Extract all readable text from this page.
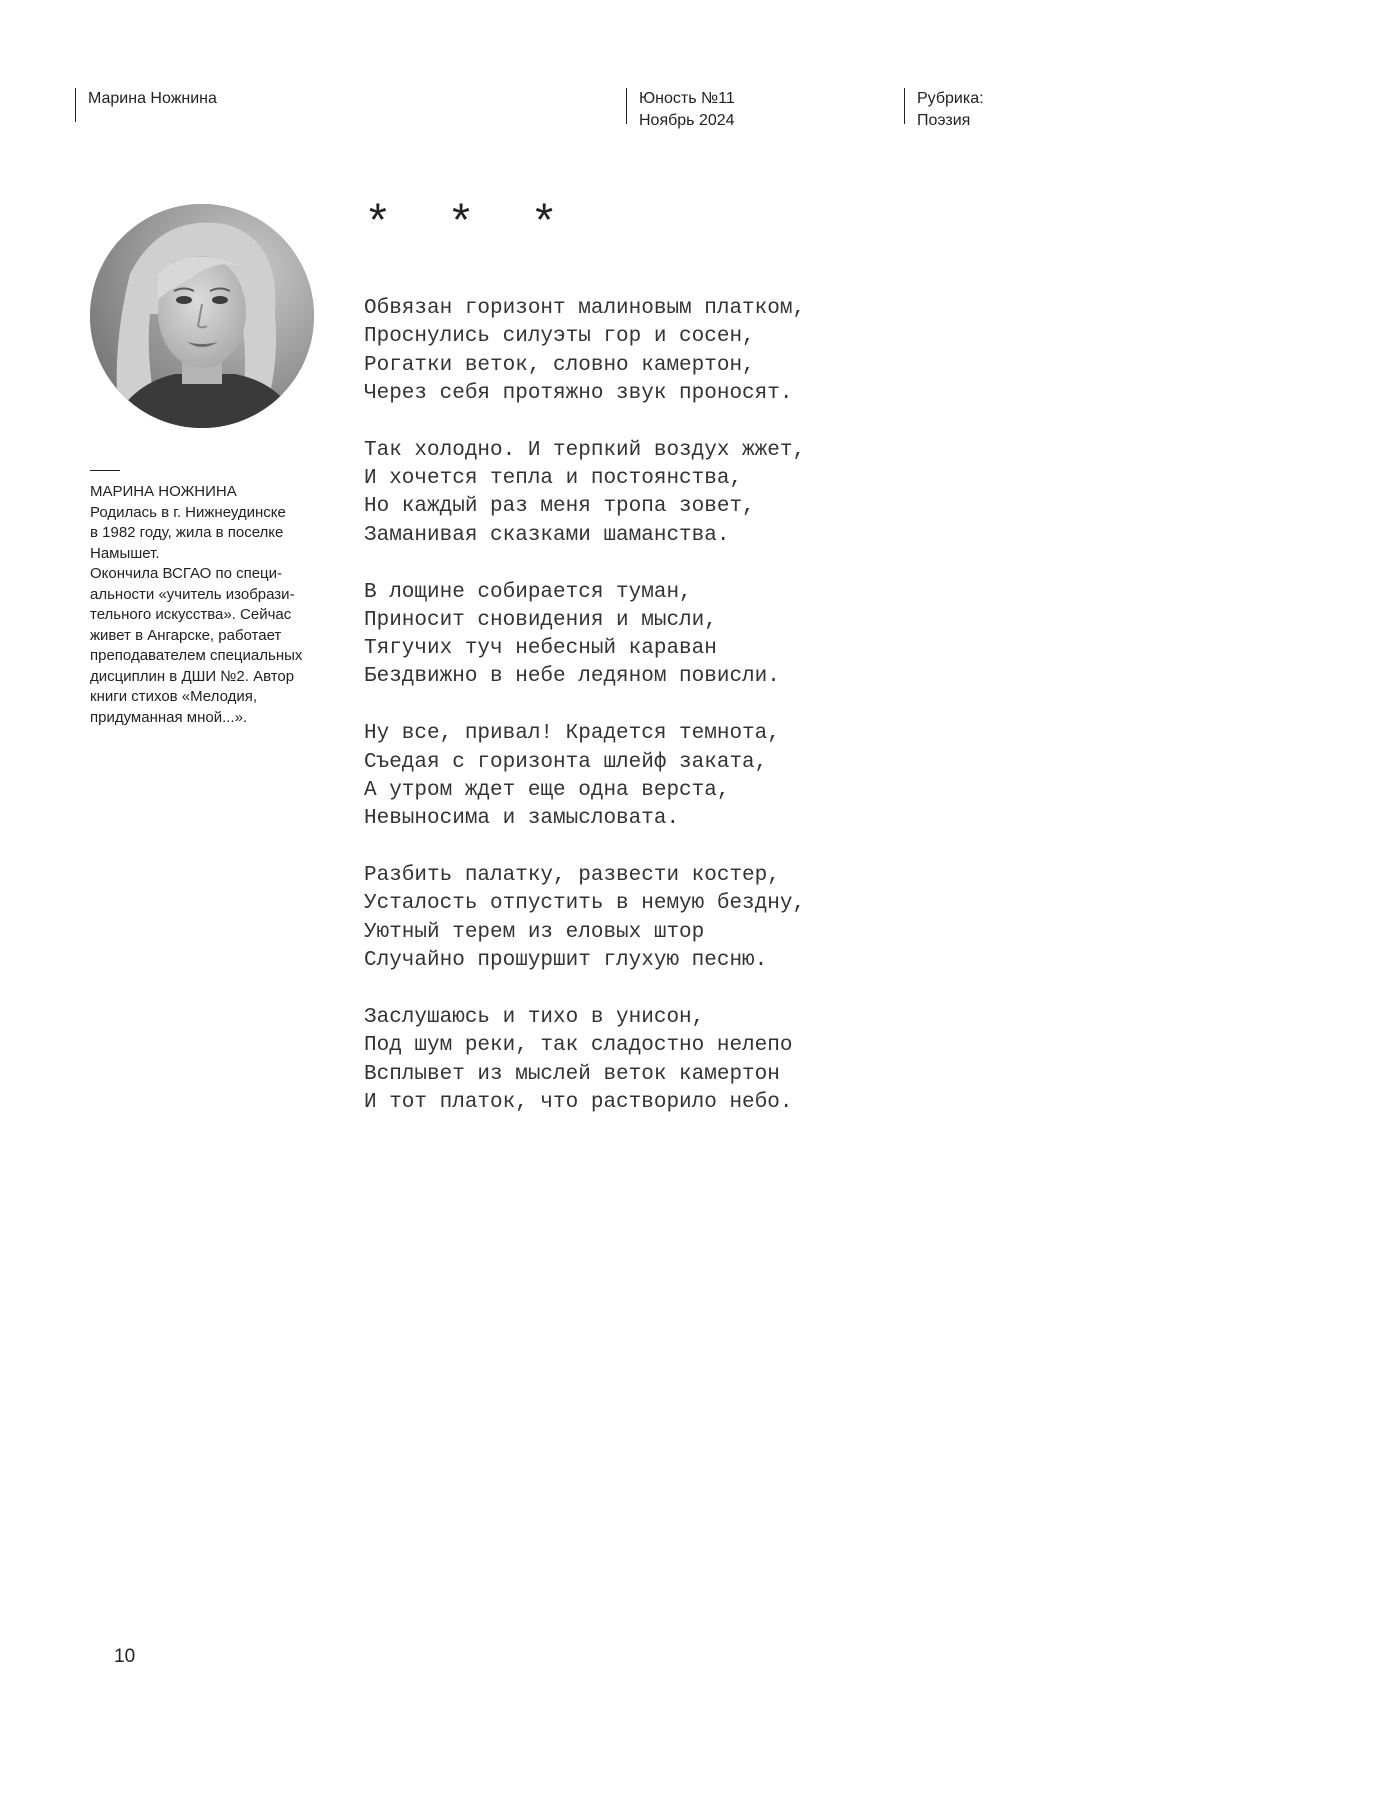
Марина Ножнина	Юность №11
Ноябрь 2024
Рубрика:
Поэзия
МАРИНА НОЖНИНА
Родилась в г. Нижнеудинске
в 1982 году, жила в поселке
Намышет.
Окончила ВСГАО по специ-
альности «учитель изобрази-
тельного искусства». Сейчас
живет в Ангарске, работает
преподавателем специальных
дисциплин в ДШИ №2. Автор
книги стихов «Мелодия,
придуманная мной...».
* * *
Обвязан горизонт малиновым платком,
Проснулись силуэты гор и сосен,
Рогатки веток, словно камертон,
Через себя протяжно звук проносят.
Так холодно. И терпкий воздух жжет,
И хочется тепла и постоянства,
Но каждый раз меня тропа зовет,
Заманивая сказками шаманства.
В лощине собирается туман,
Приносит сновидения и мысли,
Тягучих туч небесный караван
Бездвижно в небе ледяном повисли.
Ну все, привал! Крадется темнота,
Съедая с горизонта шлейф заката,
А утром ждет еще одна верста,
Невыносима и замысловата.
Разбить палатку, развести костер,
Усталость отпустить в немую бездну,
Уютный терем из еловых штор
Случайно прошуршит глухую песню.
Заслушаюсь и тихо в унисон,
Под шум реки, так сладостно нелепо
Всплывет из мыслей веток камертон
И тот платок, что растворило небо.
10
